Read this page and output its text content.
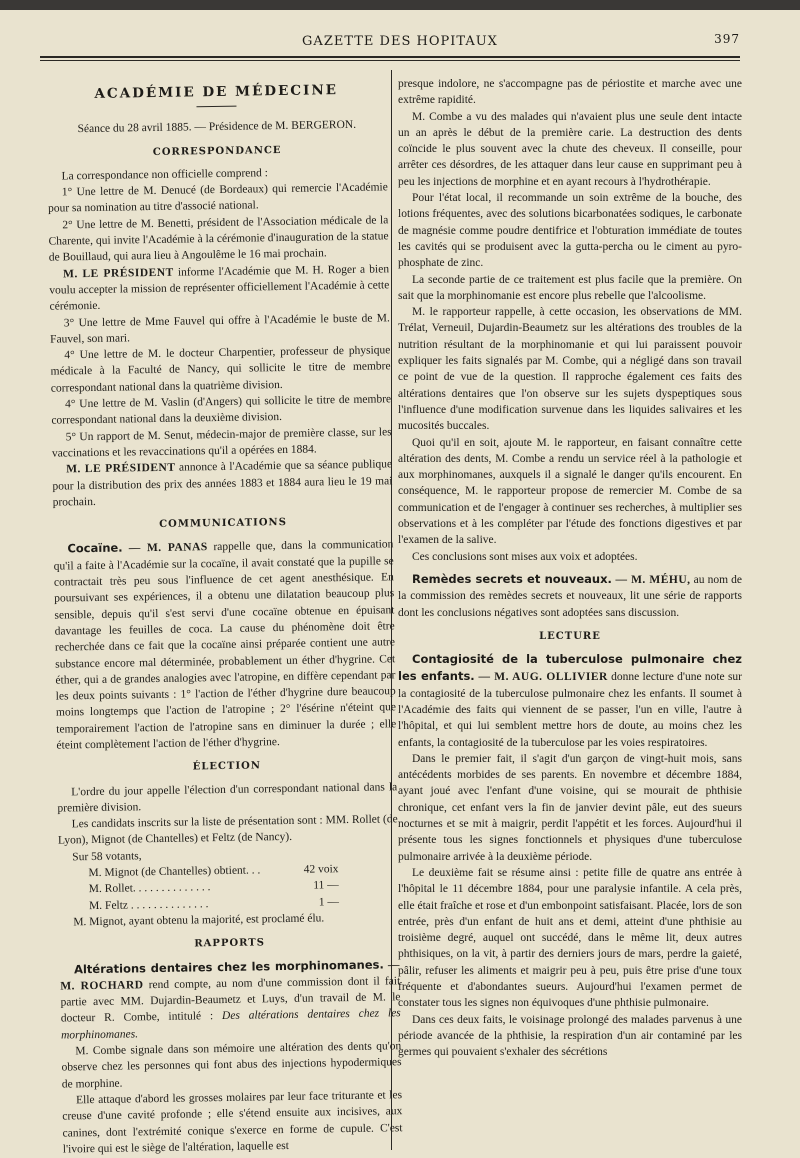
GAZETTE DES HOPITAUX	397
ACADÉMIE DE MÉDECINE
Séance du 28 avril 1885. — Présidence de M. BERGERON.
CORRESPONDANCE

La correspondance non officielle comprend :

1° Une lettre de M. Denucé (de Bordeaux) qui remercie l'Académie pour sa nomination au titre d'associé national.

2° Une lettre de M. Benetti, président de l'Association médicale de la Charente, qui invite l'Académie à la cérémonie d'inauguration de la statue de Bouillaud, qui aura lieu à Angoulême le 16 mai prochain.

M. LE PRÉSIDENT informe l'Académie que M. H. Roger a bien voulu accepter la mission de représenter officiellement l'Académie à cette cérémonie.

3° Une lettre de Mme Fauvel qui offre à l'Académie le buste de M. Fauvel, son mari.

4° Une lettre de M. le docteur Charpentier, professeur de physique médicale à la Faculté de Nancy, qui sollicite le titre de membre correspondant national dans la quatrième division.

4° Une lettre de M. Vaslin (d'Angers) qui sollicite le titre de membre correspondant national dans la deuxième division.

5° Un rapport de M. Senut, médecin-major de première classe, sur les vaccinations et les revaccinations qu'il a opérées en 1884.

M. LE PRÉSIDENT annonce à l'Académie que sa séance publique pour la distribution des prix des années 1883 et 1884 aura lieu le 19 mai prochain.

COMMUNICATIONS

Cocaïne. — M. PANAS rappelle que, dans la communication qu'il a faite à l'Académie sur la cocaïne, il avait constaté que la pupille se contractait très peu sous l'influence de cet agent anesthésique. En poursuivant ses expériences, il a obtenu une dilatation beaucoup plus sensible, depuis qu'il s'est servi d'une cocaïne obtenue en épuisant davantage les feuilles de coca. La cause du phénomène doit être recherchée dans ce fait que la cocaïne ainsi préparée contient une autre substance encore mal déterminée, probablement un éther d'hygrine. Cet éther, qui a de grandes analogies avec l'atropine, en diffère cependant par les deux points suivants : 1° l'action de l'éther d'hygrine dure beaucoup moins longtemps que l'action de l'atropine ; 2° l'ésérine n'éteint que temporairement l'action de l'atropine sans en diminuer la durée ; elle éteint complètement l'action de l'éther d'hygrine.

ÉLECTION

L'ordre du jour appelle l'élection d'un correspondant national dans la première division.

Les candidats inscrits sur la liste de présentation sont : MM. Rollet (de Lyon), Mignot (de Chantelles) et Feltz (de Nancy).

Sur 58 votants,

M. Mignot (de Chantelles) obtient. . .	42 voix
M. Rollet. . . . . . . . . . . . . .	11 —
M. Feltz . . . . . . . . . . . . . .	1 —

M. Mignot, ayant obtenu la majorité, est proclamé élu.

RAPPORTS

Altérations dentaires chez les morphinomanes. — M. ROCHARD rend compte, au nom d'une commission dont il fait partie avec MM. Dujardin-Beaumetz et Luys, d'un travail de M. le docteur R. Combe, intitulé : Des altérations dentaires chez les morphinomanes.

M. Combe signale dans son mémoire une altération des dents qu'on observe chez les personnes qui font abus des injections hypodermiques de morphine.

Elle attaque d'abord les grosses molaires par leur face triturante et les creuse d'une cavité profonde ; elle s'étend ensuite aux incisives, aux canines, dont l'extrémité conique s'exerce en forme de cupule. C'est l'ivoire qui est le siège de l'altération, laquelle est

presque indolore, ne s'accompagne pas de périostite et marche avec une extrême rapidité.

M. Combe a vu des malades qui n'avaient plus une seule dent intacte un an après le début de la première carie. La destruction des dents coïncide le plus souvent avec la chute des cheveux. Il conseille, pour arrêter ces désordres, de les attaquer dans leur cause en supprimant peu à peu les injections de morphine et en ayant recours à l'hydrothérapie.

Pour l'état local, il recommande un soin extrême de la bouche, des lotions fréquentes, avec des solutions bicarbonatées sodiques, le carbonate de magnésie comme poudre dentifrice et l'obturation immédiate de toutes les cavités qui se produisent avec la gutta-percha ou le ciment au pyro-phosphate de zinc.

La seconde partie de ce traitement est plus facile que la première. On sait que la morphinomanie est encore plus rebelle que l'alcoolisme.

M. le rapporteur rappelle, à cette occasion, les observations de MM. Trélat, Verneuil, Dujardin-Beaumetz sur les altérations des troubles de la nutrition résultant de la morphinomanie et qui lui paraissent pouvoir expliquer les faits signalés par M. Combe, qui a négligé dans son travail ce point de vue de la question. Il rapproche également ces faits des altérations dentaires que l'on observe sur les sujets dyspeptiques sous l'influence d'une modification survenue dans les liquides salivaires et les mucosités buccales.

Quoi qu'il en soit, ajoute M. le rapporteur, en faisant connaître cette altération des dents, M. Combe a rendu un service réel à la pathologie et aux morphinomanes, auxquels il a signalé le danger qu'ils encourent. En conséquence, M. le rapporteur propose de remercier M. Combe de sa communication et de l'engager à continuer ses recherches, à multiplier ses observations et à les compléter par l'étude des fonctions digestives et par l'examen de la salive.

Ces conclusions sont mises aux voix et adoptées.

Remèdes secrets et nouveaux. — M. MÉHU, au nom de la commission des remèdes secrets et nouveaux, lit une série de rapports dont les conclusions négatives sont adoptées sans discussion.

LECTURE

Contagiosité de la tuberculose pulmonaire chez les enfants. — M. AUG. OLLIVIER donne lecture d'une note sur la contagiosité de la tuberculose pulmonaire chez les enfants. Il soumet à l'Académie des faits qui viennent de se passer, l'un en ville, l'autre à l'hôpital, et qui lui semblent mettre hors de doute, au moins chez les enfants, la contagiosité de la tuberculose par les voies respiratoires.

Dans le premier fait, il s'agit d'un garçon de vingt-huit mois, sans antécédents morbides de ses parents. En novembre et décembre 1884, ayant joué avec l'enfant d'une voisine, qui se mourait de phthisie chronique, cet enfant vers la fin de janvier devint pâle, eut des sueurs nocturnes et se mit à maigrir, perdit l'appétit et les forces. Aujourd'hui il présente tous les signes fonctionnels et physiques d'une tuberculose pulmonaire arrivée à la deuxième période.

Le deuxième fait se résume ainsi : petite fille de quatre ans entrée à l'hôpital le 11 décembre 1884, pour une paralysie infantile. A cela près, elle était fraîche et rose et d'un embonpoint satisfaisant. Placée, lors de son entrée, près d'un enfant de huit ans et demi, atteint d'une phthisie au troisième degré, auquel ont succédé, dans le même lit, deux autres phthisiques, on la vit, à partir des derniers jours de mars, perdre la gaieté, pâlir, refuser les aliments et maigrir peu à peu, puis être prise d'une toux fréquente et d'abondantes sueurs. Aujourd'hui l'examen permet de constater tous les signes non équivoques d'une phthisie pulmonaire.

Dans ces deux faits, le voisinage prolongé des malades parvenus à une période avancée de la phthisie, la respiration d'un air contaminé par les germes qui pouvaient s'exhaler des sécrétions
